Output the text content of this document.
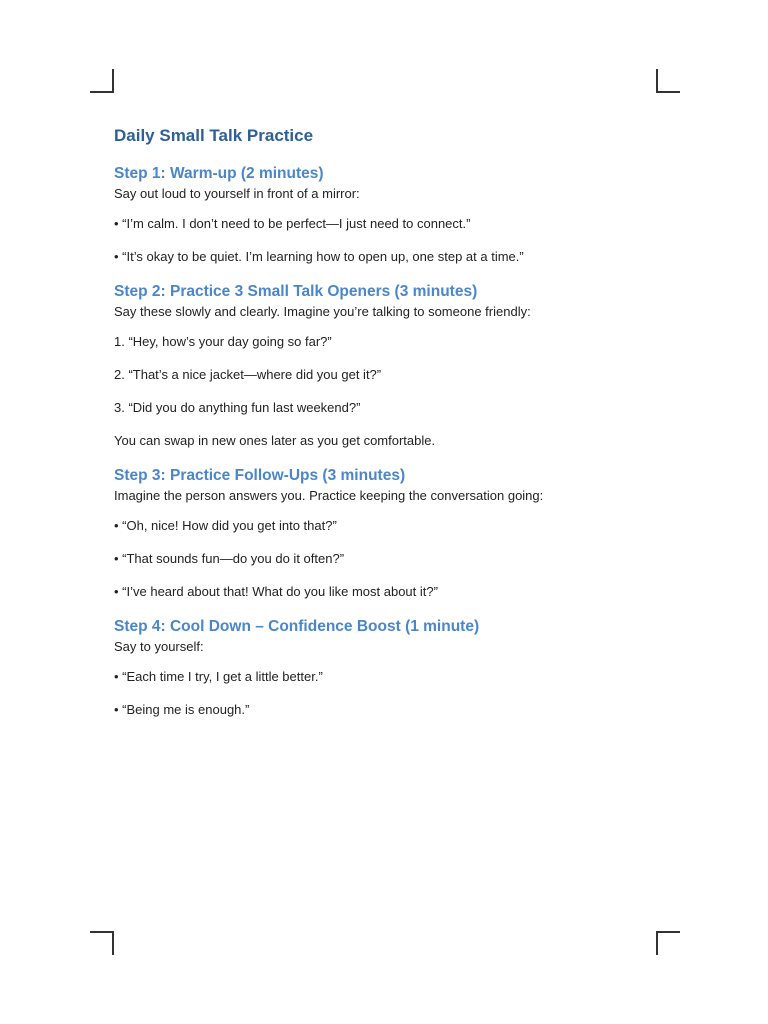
Daily Small Talk Practice
Step 1: Warm-up (2 minutes)
Say out loud to yourself in front of a mirror:
• “I’m calm. I don’t need to be perfect—I just need to connect.”
• “It’s okay to be quiet. I’m learning how to open up, one step at a time.”
Step 2: Practice 3 Small Talk Openers (3 minutes)
Say these slowly and clearly. Imagine you’re talking to someone friendly:
1. “Hey, how’s your day going so far?”
2. “That’s a nice jacket—where did you get it?”
3. “Did you do anything fun last weekend?”
You can swap in new ones later as you get comfortable.
Step 3: Practice Follow-Ups (3 minutes)
Imagine the person answers you. Practice keeping the conversation going:
• “Oh, nice! How did you get into that?”
• “That sounds fun—do you do it often?”
• “I’ve heard about that! What do you like most about it?”
Step 4: Cool Down – Confidence Boost (1 minute)
Say to yourself:
• “Each time I try, I get a little better.”
• “Being me is enough.”
